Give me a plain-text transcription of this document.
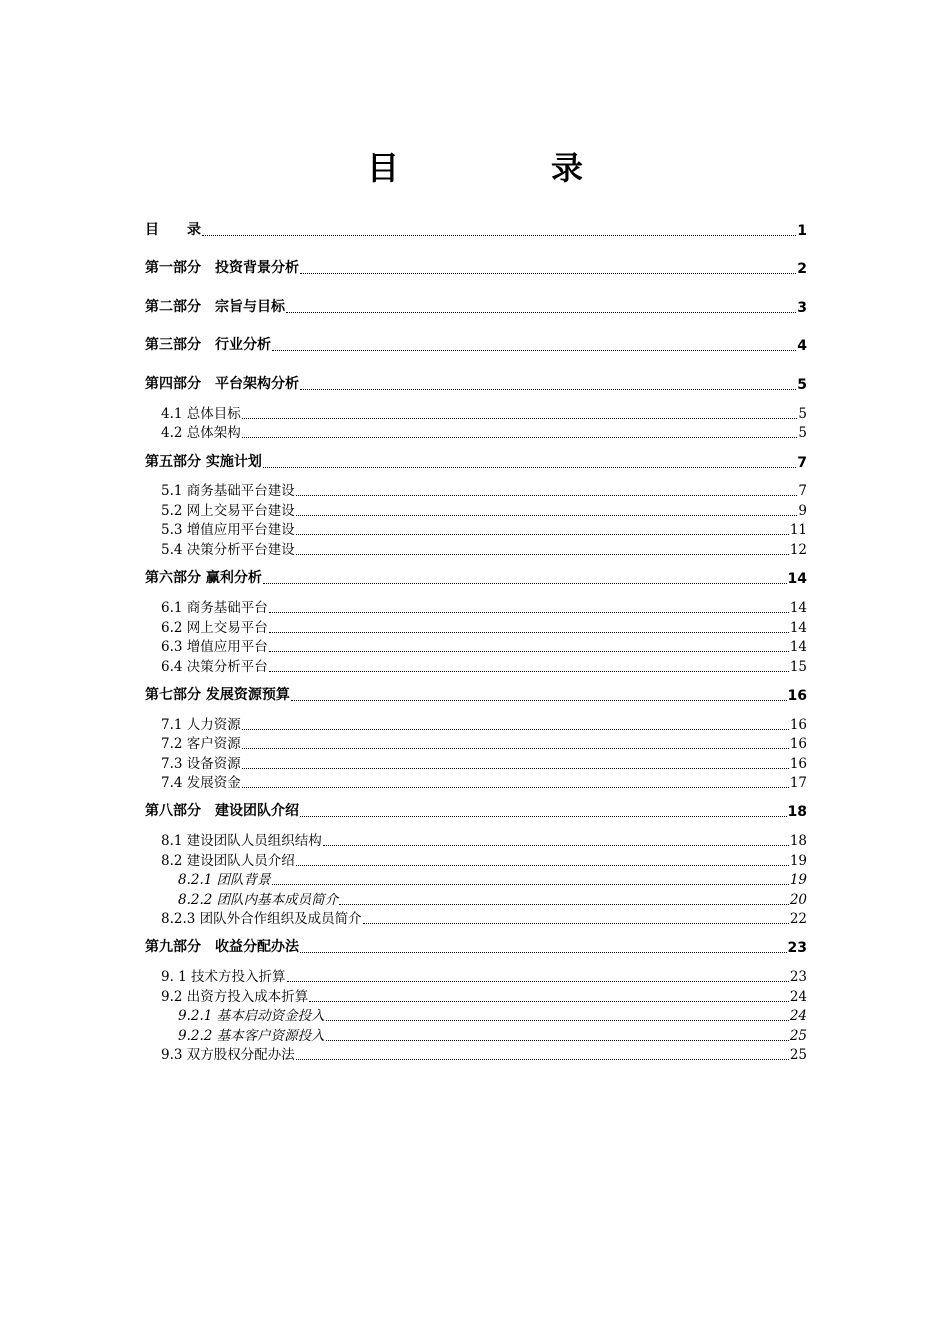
目　录
目　　录	1
第一部分　投资背景分析	2
第二部分　宗旨与目标	3
第三部分　行业分析	4
第四部分　平台架构分析	5
4.1 总体目标	5
4.2 总体架构	5
第五部分 实施计划	7
5.1 商务基础平台建设	7
5.2 网上交易平台建设	9
5.3 增值应用平台建设	11
5.4 决策分析平台建设	12
第六部分 赢利分析	14
6.1 商务基础平台	14
6.2 网上交易平台	14
6.3 增值应用平台	14
6.4 决策分析平台	15
第七部分 发展资源预算	16
7.1 人力资源	16
7.2 客户资源	16
7.3 设备资源	16
7.4 发展资金	17
第八部分　建设团队介绍	18
8.1 建设团队人员组织结构	18
8.2 建设团队人员介绍	19
8.2.1 团队背景	19
8.2.2 团队内基本成员简介	20
8.2.3 团队外合作组织及成员简介	22
第九部分　收益分配办法	23
9. 1 技术方投入折算	23
9.2 出资方投入成本折算	24
9.2.1 基本启动资金投入	24
9.2.2 基本客户资源投入	25
9.3 双方股权分配办法	25
